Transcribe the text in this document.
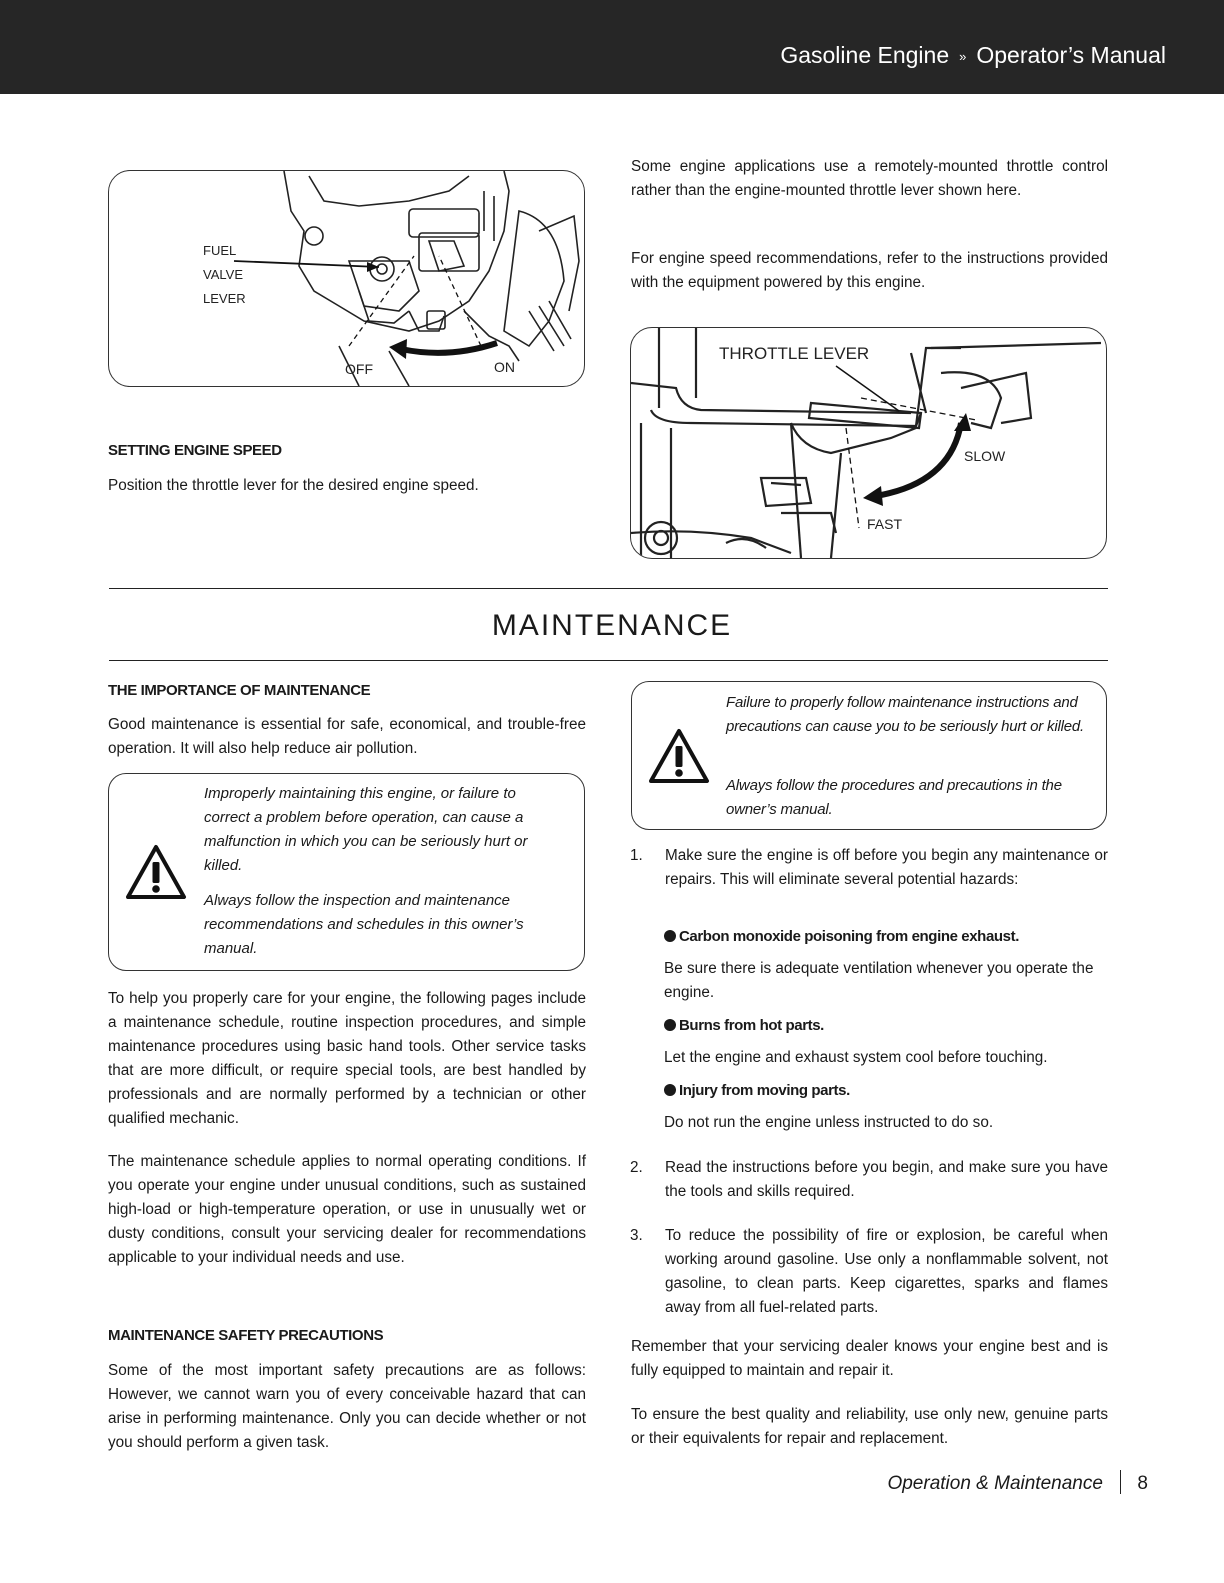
Gasoline Engine » Operator’s Manual
FUEL
VALVE
LEVER
OFF	ON
Some engine applications use a remotely-mounted throttle control rather than the engine-mounted throttle lever shown here.
For engine speed recommendations, refer to the instructions provided with the equipment powered by this engine.
THROTTLE LEVER
SLOW
FAST
SETTING ENGINE SPEED
Position the throttle lever for the desired engine speed.
MAINTENANCE
THE IMPORTANCE OF MAINTENANCE
Good maintenance is essential for safe, economical, and trouble-free operation. It will also help reduce air pollution.
Improperly maintaining this engine, or failure to correct a problem before operation, can cause a malfunction in which you can be seriously hurt or killed.
Always follow the inspection and maintenance recommendations and schedules in this owner’s manual.
To help you properly care for your engine, the following pages include a maintenance schedule, routine inspection procedures, and simple maintenance procedures using basic hand tools. Other service tasks that are more difficult, or require special tools, are best handled by professionals and are normally performed by a technician or other qualified mechanic.
The maintenance schedule applies to normal operating conditions. If you operate your engine under unusual conditions, such as sustained high-load or high-temperature operation, or use in unusually wet or dusty conditions, consult your servicing dealer for recommendations applicable to your individual needs and use.
MAINTENANCE SAFETY PRECAUTIONS
Some of the most important safety precautions are as follows: However, we cannot warn you of every conceivable hazard that can arise in performing maintenance. Only you can decide whether or not you should perform a given task.
Failure to properly follow maintenance instructions and precautions can cause you to be seriously hurt or killed.
Always follow the procedures and precautions in the owner’s manual.
1. Make sure the engine is off before you begin any maintenance or repairs. This will eliminate several potential hazards:
Carbon monoxide poisoning from engine exhaust.
Be sure there is adequate ventilation whenever you operate the engine.
Burns from hot parts.
Let the engine and exhaust system cool before touching.
Injury from moving parts.
Do not run the engine unless instructed to do so.
2. Read the instructions before you begin, and make sure you have the tools and skills required.
3. To reduce the possibility of fire or explosion, be careful when working around gasoline. Use only a nonflammable solvent, not gasoline, to clean parts. Keep cigarettes, sparks and flames away from all fuel-related parts.
Remember that your servicing dealer knows your engine best and is fully equipped to maintain and repair it.
To ensure the best quality and reliability, use only new, genuine parts or their equivalents for repair and replacement.
Operation & Maintenance 8
